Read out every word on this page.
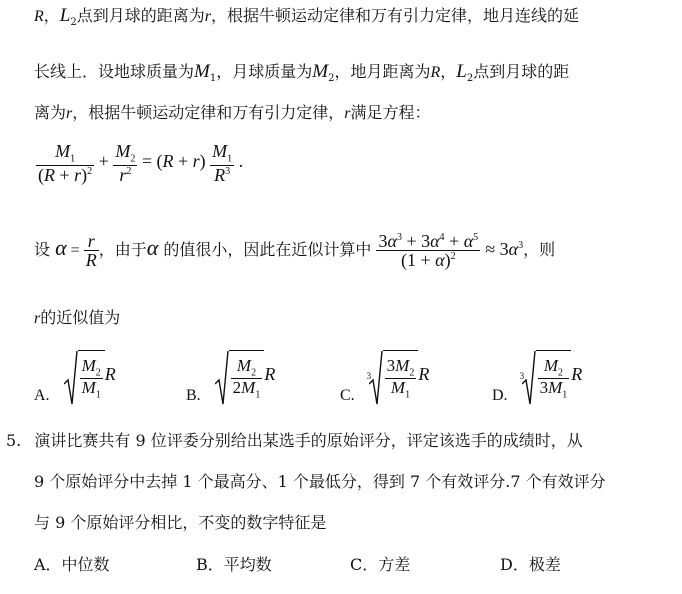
R，$L_2$点到月球的距离为r，根据牛顿运动定律和万有引力定律，地月连线的延
长线上．设地球质量为$M_1$，月球质量为$M_2$，地月距离为R，$L_2$点到月球的距
离为r，根据牛顿运动定律和万有引力定律，r满足方程：
$\frac{M_1}{(R + r)^2} + \frac{M_2}{r^2} = (R + r) \frac{M_1}{R^3}$ .
设 $\alpha = \frac{r}{R}$ ，由于α 的值很小，因此在近似计算中 $\frac{3\alpha^3 + 3\alpha^4 + \alpha^5}{(1 + \alpha)^2} \approx 3\alpha^3$，则
r的近似值为
A. $\frac{M_2}{M_1}$ R
B. $\frac{M_2}{2M_1}$ R
C.
$3 \frac{3M_2}{M_1}$ R
D.
$3 \frac{M_2}{3M_1}$ R
5. 演讲比赛共有 9 位评委分别给出某选手的原始评分，评定该选手的成绩时，从
9 个原始评分中去掉 1 个最高分、1 个最低分，得到 7 个有效评分.7 个有效评分
与 9 个原始评分相比，不变的数字特征是
A．中位数	B．平均数	C．方差	D．极差
